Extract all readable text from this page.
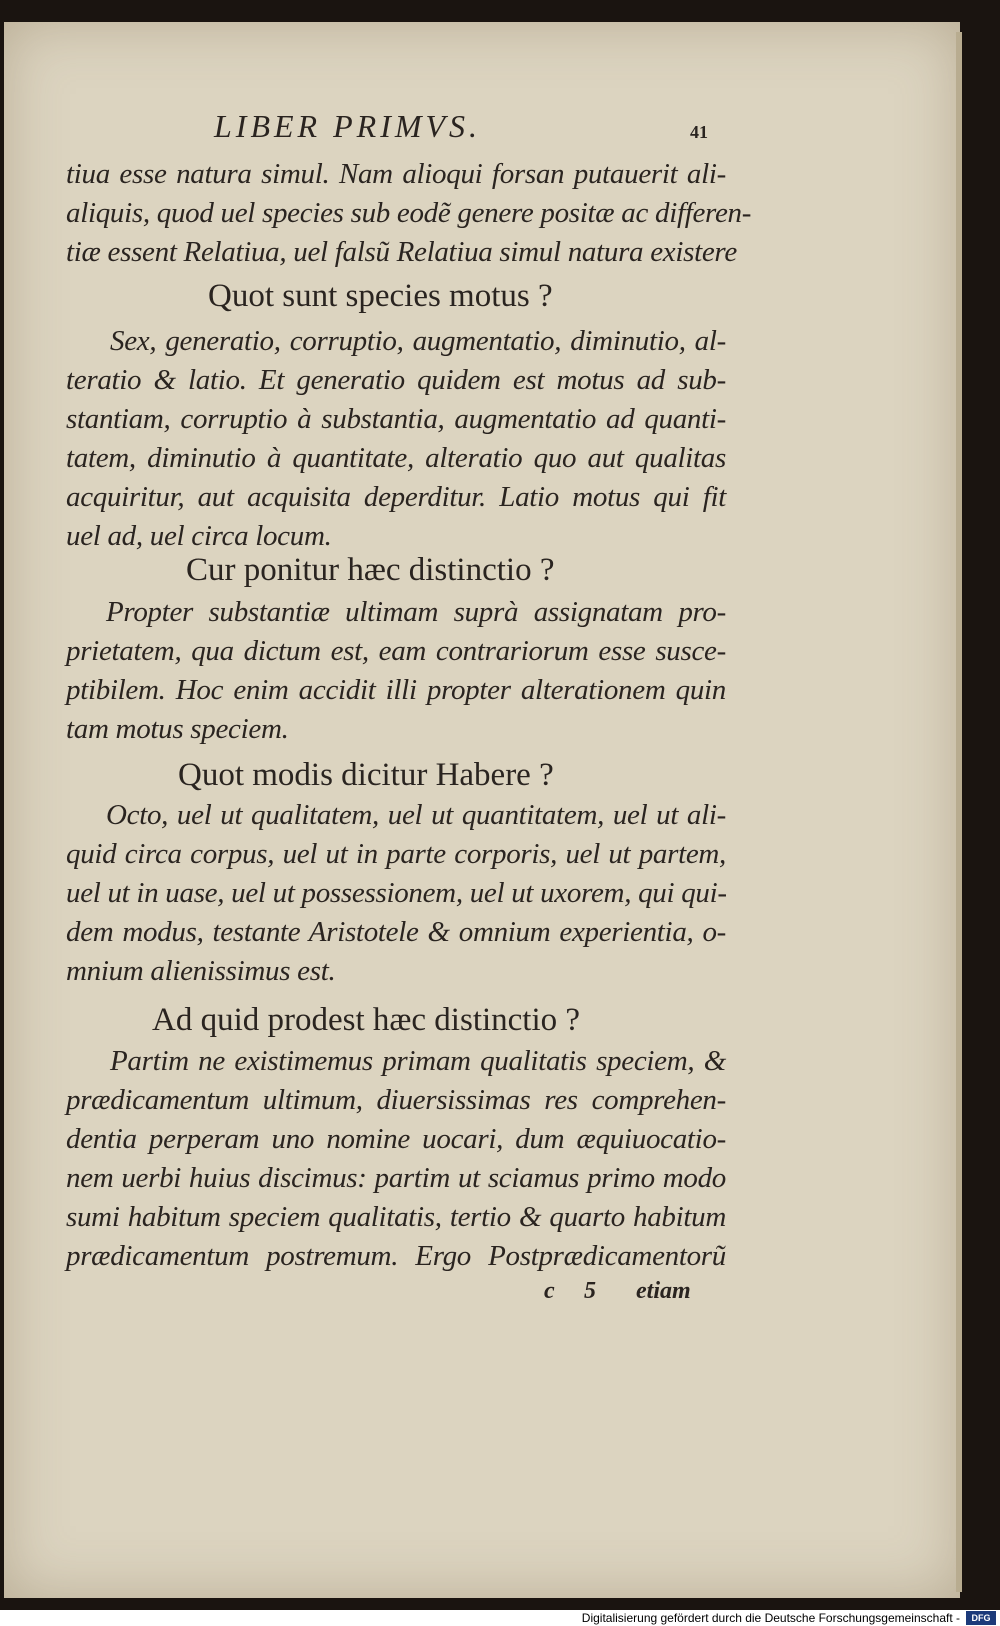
LIBER PRIMVS.	41

tiua esse natura simul. Nam alioqui forsan putauerit ali-

aliquis, quod uel species sub eodẽ genere positæ ac differen-

tiæ essent Relatiua, uel falsũ Relatiua simul natura existere

Quot sunt species motus ?

Sex, generatio, corruptio, augmentatio, diminutio, al-

teratio & latio. Et generatio quidem est motus ad sub-

stantiam, corruptio à substantia, augmentatio ad quanti-

tatem, diminutio à quantitate, alteratio quo aut qualitas

acquiritur, aut acquisita deperditur. Latio motus qui fit

uel ad, uel circa locum.

Cur ponitur hæc distinctio ?

Propter substantiæ ultimam suprà assignatam pro-

prietatem, qua dictum est, eam contrariorum esse susce-

ptibilem. Hoc enim accidit illi propter alterationem quin

tam motus speciem.

Quot modis dicitur Habere ?

Octo, uel ut qualitatem, uel ut quantitatem, uel ut ali-

quid circa corpus, uel ut in parte corporis, uel ut partem,

uel ut in uase, uel ut possessionem, uel ut uxorem, qui qui-

dem modus, testante Aristotele & omnium experientia, o-

mnium alienissimus est.

Ad quid prodest hæc distinctio ?

Partim ne existimemus primam qualitatis speciem, &

prædicamentum ultimum, diuersissimas res comprehen-

dentia perperam uno nomine uocari, dum æquiuocatio-

nem uerbi huius discimus: partim ut sciamus primo modo

sumi habitum speciem qualitatis, tertio & quarto habitum

prædicamentum postremum. Ergo Postprædicamentorũ

c 5 etiam
Digitalisierung gefördert durch die Deutsche Forschungsgemeinschaft -	DFG
